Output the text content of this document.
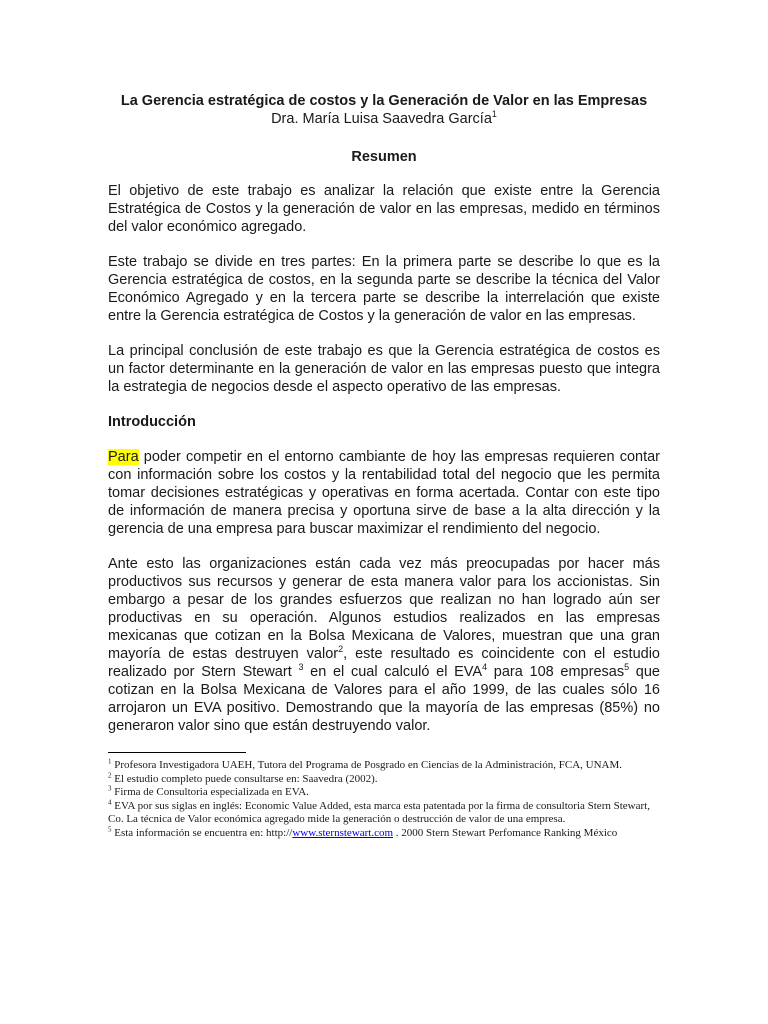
La Gerencia estratégica de costos y la Generación de Valor en las Empresas

Dra. María Luisa Saavedra García$^1$

Resumen

El objetivo de este trabajo es analizar la relación que existe entre la Gerencia Estratégica de Costos y la generación de valor en las empresas, medido en términos del valor económico agregado.

Este trabajo se divide en tres partes: En la primera parte se describe lo que es la Gerencia estratégica de costos, en la segunda parte se describe la técnica del Valor Económico Agregado y en la tercera parte se describe la interrelación que existe entre la Gerencia estratégica de Costos y la generación de valor en las empresas.

La principal conclusión de este trabajo es que la Gerencia estratégica de costos es un factor determinante en la generación de valor en las empresas puesto que integra la estrategia de negocios desde el aspecto operativo de las empresas.

Introducción

Para poder competir en el entorno cambiante de hoy las empresas requieren contar con información sobre los costos y la rentabilidad total del negocio que les permita tomar decisiones estratégicas y operativas en forma acertada. Contar con este tipo de información de manera precisa y oportuna sirve de base a la alta dirección y la gerencia de una empresa para buscar maximizar el rendimiento del negocio.

Ante esto las organizaciones están cada vez más preocupadas por hacer más productivos sus recursos y generar de esta manera valor para los accionistas. Sin embargo a pesar de los grandes esfuerzos que realizan no han logrado aún ser productivas en su operación. Algunos estudios realizados en las empresas mexicanas que cotizan en la Bolsa Mexicana de Valores, muestran que una gran mayoría de estas destruyen valor$^2$, este resultado es coincidente con el estudio realizado por Stern Stewart $^3$ en el cual calculó el EVA$^4$ para 108 empresas$^5$ que cotizan en la Bolsa Mexicana de Valores para el año 1999, de las cuales sólo 16 arrojaron un EVA positivo. Demostrando que la mayoría de las empresas (85%) no generaron valor sino que están destruyendo valor.

$^1$ Profesora Investigadora UAEH, Tutora del Programa de Posgrado en Ciencias de la Administración, FCA, UNAM.

$^2$ El estudio completo puede consultarse en: Saavedra (2002).

$^3$ Firma de Consultoria especializada en EVA.

$^4$ EVA por sus siglas en inglés: Economic Value Added, esta marca esta patentada por la firma de consultoria Stern Stewart, Co. La técnica de Valor económica agregado mide la generación o destrucción de valor de una empresa.

$^5$ Esta información se encuentra en: http://www.sternstewart.com . 2000 Stern Stewart Perfomance Ranking México
